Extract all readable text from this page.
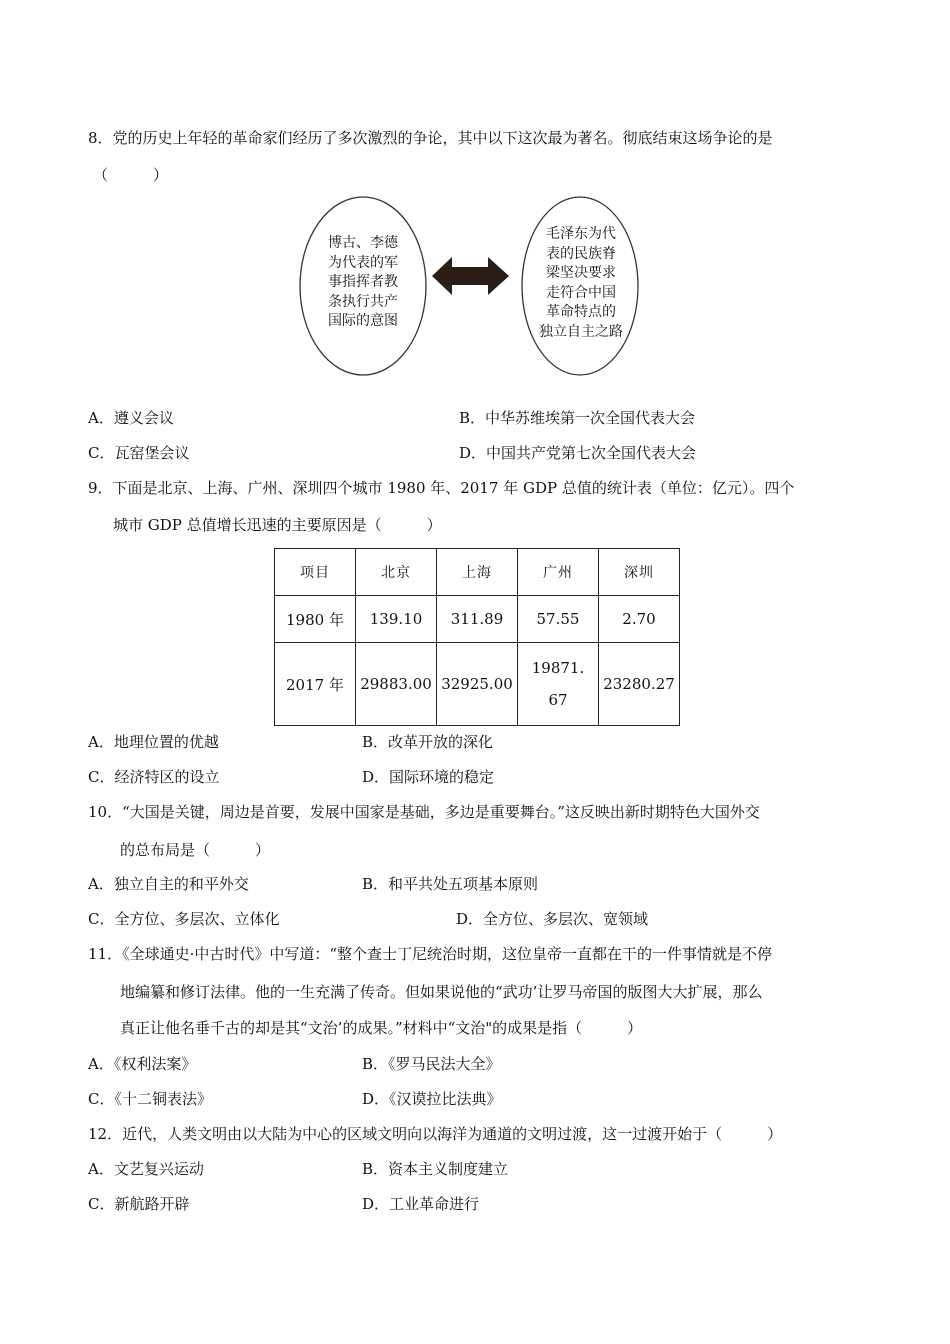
8．党的历史上年轻的革命家们经历了多次激烈的争论，其中以下这次最为著名。彻底结束这场争论的是
（　　　）
博古、李德
为代表的军
事指挥者教
条执行共产
国际的意图
毛泽东为代
表的民族脊
梁坚决要求
走符合中国
革命特点的
独立自主之路
A．遵义会议	B．中华苏维埃第一次全国代表大会
C．瓦窑堡会议	D．中国共产党第七次全国代表大会
9．下面是北京、上海、广州、深圳四个城市 1980 年、2017 年 GDP 总值的统计表（单位：亿元）。四个
城市 GDP 总值增长迅速的主要原因是（　　　）
项目	北京	上海	广州	深圳
1980 年	139.10	311.89	57.55	2.70
2017 年	29883.00	32925.00	19871.67	23280.27
A．地理位置的优越	B．改革开放的深化
C．经济特区的设立	D．国际环境的稳定
10．“大国是关键，周边是首要，发展中国家是基础，多边是重要舞台。”这反映出新时期特色大国外交
的总布局是（　　　）
A．独立自主的和平外交	B．和平共处五项基本原则
C．全方位、多层次、立体化	D．全方位、多层次、宽领域
11．《全球通史·中古时代》中写道：“整个查士丁尼统治时期，这位皇帝一直都在干的一件事情就是不停
地编纂和修订法律。他的一生充满了传奇。但如果说他的“武功’让罗马帝国的版图大大扩展，那么
真正让他名垂千古的却是其“文治’的成果。”材料中“文治"的成果是指（　　　）
A．《权利法案》	B．《罗马民法大全》
C．《十二铜表法》	D．《汉谟拉比法典》
12．近代，人类文明由以大陆为中心的区域文明向以海洋为通道的文明过渡，这一过渡开始于（　　　）
A．文艺复兴运动	B．资本主义制度建立
C．新航路开辟	D．工业革命进行
